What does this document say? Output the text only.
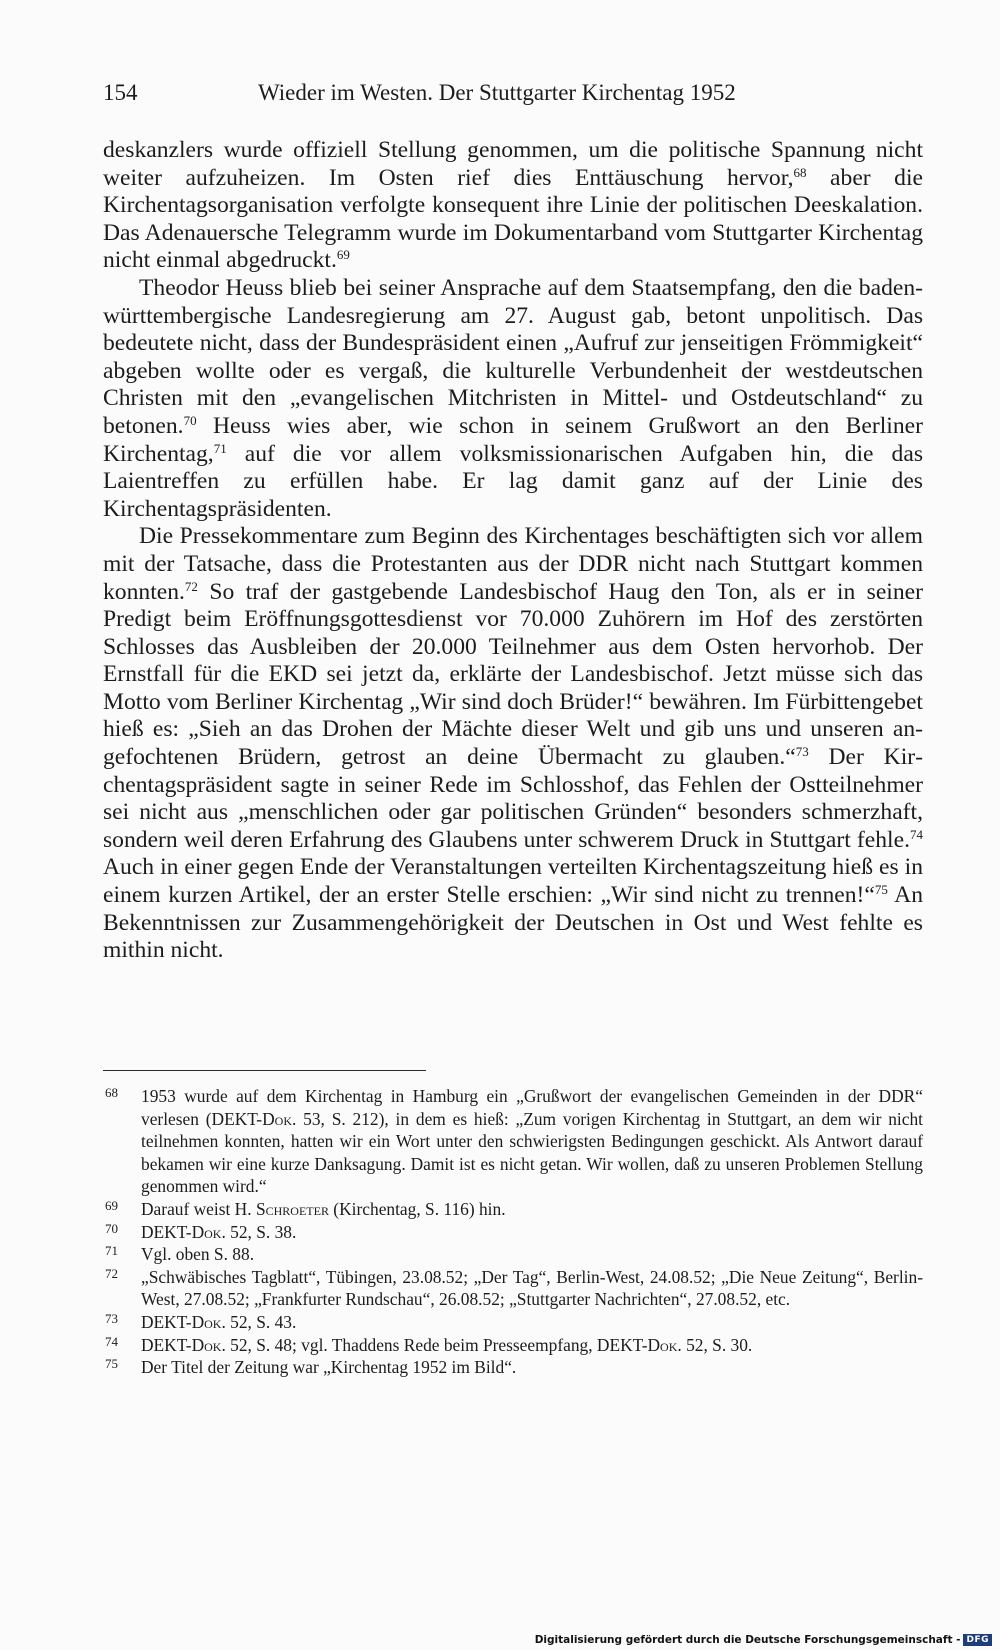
154	Wieder im Westen. Der Stuttgarter Kirchentag 1952

deskanzlers wurde offiziell Stellung genommen, um die politische Spannung nicht weiter aufzuheizen. Im Osten rief dies Enttäuschung hervor,$^{68}$ aber die Kirchentagsorganisation verfolgte konsequent ihre Linie der politischen Deeskalation. Das Adenauersche Telegramm wurde im Dokumentarband vom Stuttgarter Kirchentag nicht einmal abgedruckt.$^{69}$

Theodor Heuss blieb bei seiner Ansprache auf dem Staatsempfang, den die baden-württembergische Landesregierung am 27. August gab, betont unpolitisch. Das bedeutete nicht, dass der Bundespräsident einen „Aufruf zur jenseitigen Frömmigkeit“ abgeben wollte oder es vergaß, die kulturelle Verbundenheit der westdeutschen Christen mit den „evangelischen Mitchristen in Mittel- und Ostdeutschland“ zu betonen.$^{70}$ Heuss wies aber, wie schon in seinem Grußwort an den Berliner Kirchentag,$^{71}$ auf die vor allem volksmissionarischen Aufgaben hin, die das Laientreffen zu erfüllen habe. Er lag damit ganz auf der Linie des Kirchentagspräsidenten.

Die Pressekommentare zum Beginn des Kirchentages beschäftigten sich vor allem mit der Tatsache, dass die Protestanten aus der DDR nicht nach Stuttgart kommen konnten.$^{72}$ So traf der gastgebende Landesbischof Haug den Ton, als er in seiner Predigt beim Eröffnungsgottesdienst vor 70.000 Zuhörern im Hof des zerstörten Schlosses das Ausbleiben der 20.000 Teilnehmer aus dem Osten hervorhob. Der Ernstfall für die EKD sei jetzt da, erklärte der Landesbischof. Jetzt müsse sich das Motto vom Berliner Kirchentag „Wir sind doch Brüder!“ bewähren. Im Fürbittengebet hieß es: „Sieh an das Drohen der Mächte dieser Welt und gib uns und unseren angefochtenen Brüdern, getrost an deine Übermacht zu glauben.“$^{73}$ Der Kirchentagspräsident sagte in seiner Rede im Schlosshof, das Fehlen der Ostteilnehmer sei nicht aus „menschlichen oder gar politischen Gründen“ besonders schmerzhaft, sondern weil deren Erfahrung des Glaubens unter schwerem Druck in Stuttgart fehle.$^{74}$ Auch in einer gegen Ende der Veranstaltungen verteilten Kirchentagszeitung hieß es in einem kurzen Artikel, der an erster Stelle erschien: „Wir sind nicht zu trennen!“$^{75}$ An Bekenntnissen zur Zusammengehörigkeit der Deutschen in Ost und West fehlte es mithin nicht.

68 1953 wurde auf dem Kirchentag in Hamburg ein „Grußwort der evangelischen Gemeinden in der DDR“ verlesen (DEKT-Dok. 53, S. 212), in dem es hieß: „Zum vorigen Kirchentag in Stuttgart, an dem wir nicht teilnehmen konnten, hatten wir ein Wort unter den schwierigsten Bedingungen geschickt. Als Antwort darauf bekamen wir eine kurze Danksagung. Damit ist es nicht getan. Wir wollen, daß zu unseren Problemen Stellung genommen wird.“
69 Darauf weist H. Schroeter (Kirchentag, S. 116) hin.
70 DEKT-Dok. 52, S. 38.
71 Vgl. oben S. 88.
72 „Schwäbisches Tagblatt“, Tübingen, 23.08.52; „Der Tag“, Berlin-West, 24.08.52; „Die Neue Zeitung“, Berlin-West, 27.08.52; „Frankfurter Rundschau“, 26.08.52; „Stuttgarter Nachrichten“, 27.08.52, etc.
73 DEKT-Dok. 52, S. 43.
74 DEKT-Dok. 52, S. 48; vgl. Thaddens Rede beim Presseempfang, DEKT-Dok. 52, S. 30.
75 Der Titel der Zeitung war „Kirchentag 1952 im Bild“.
Digitalisierung gefördert durch die Deutsche Forschungsgemeinschaft - DFG
